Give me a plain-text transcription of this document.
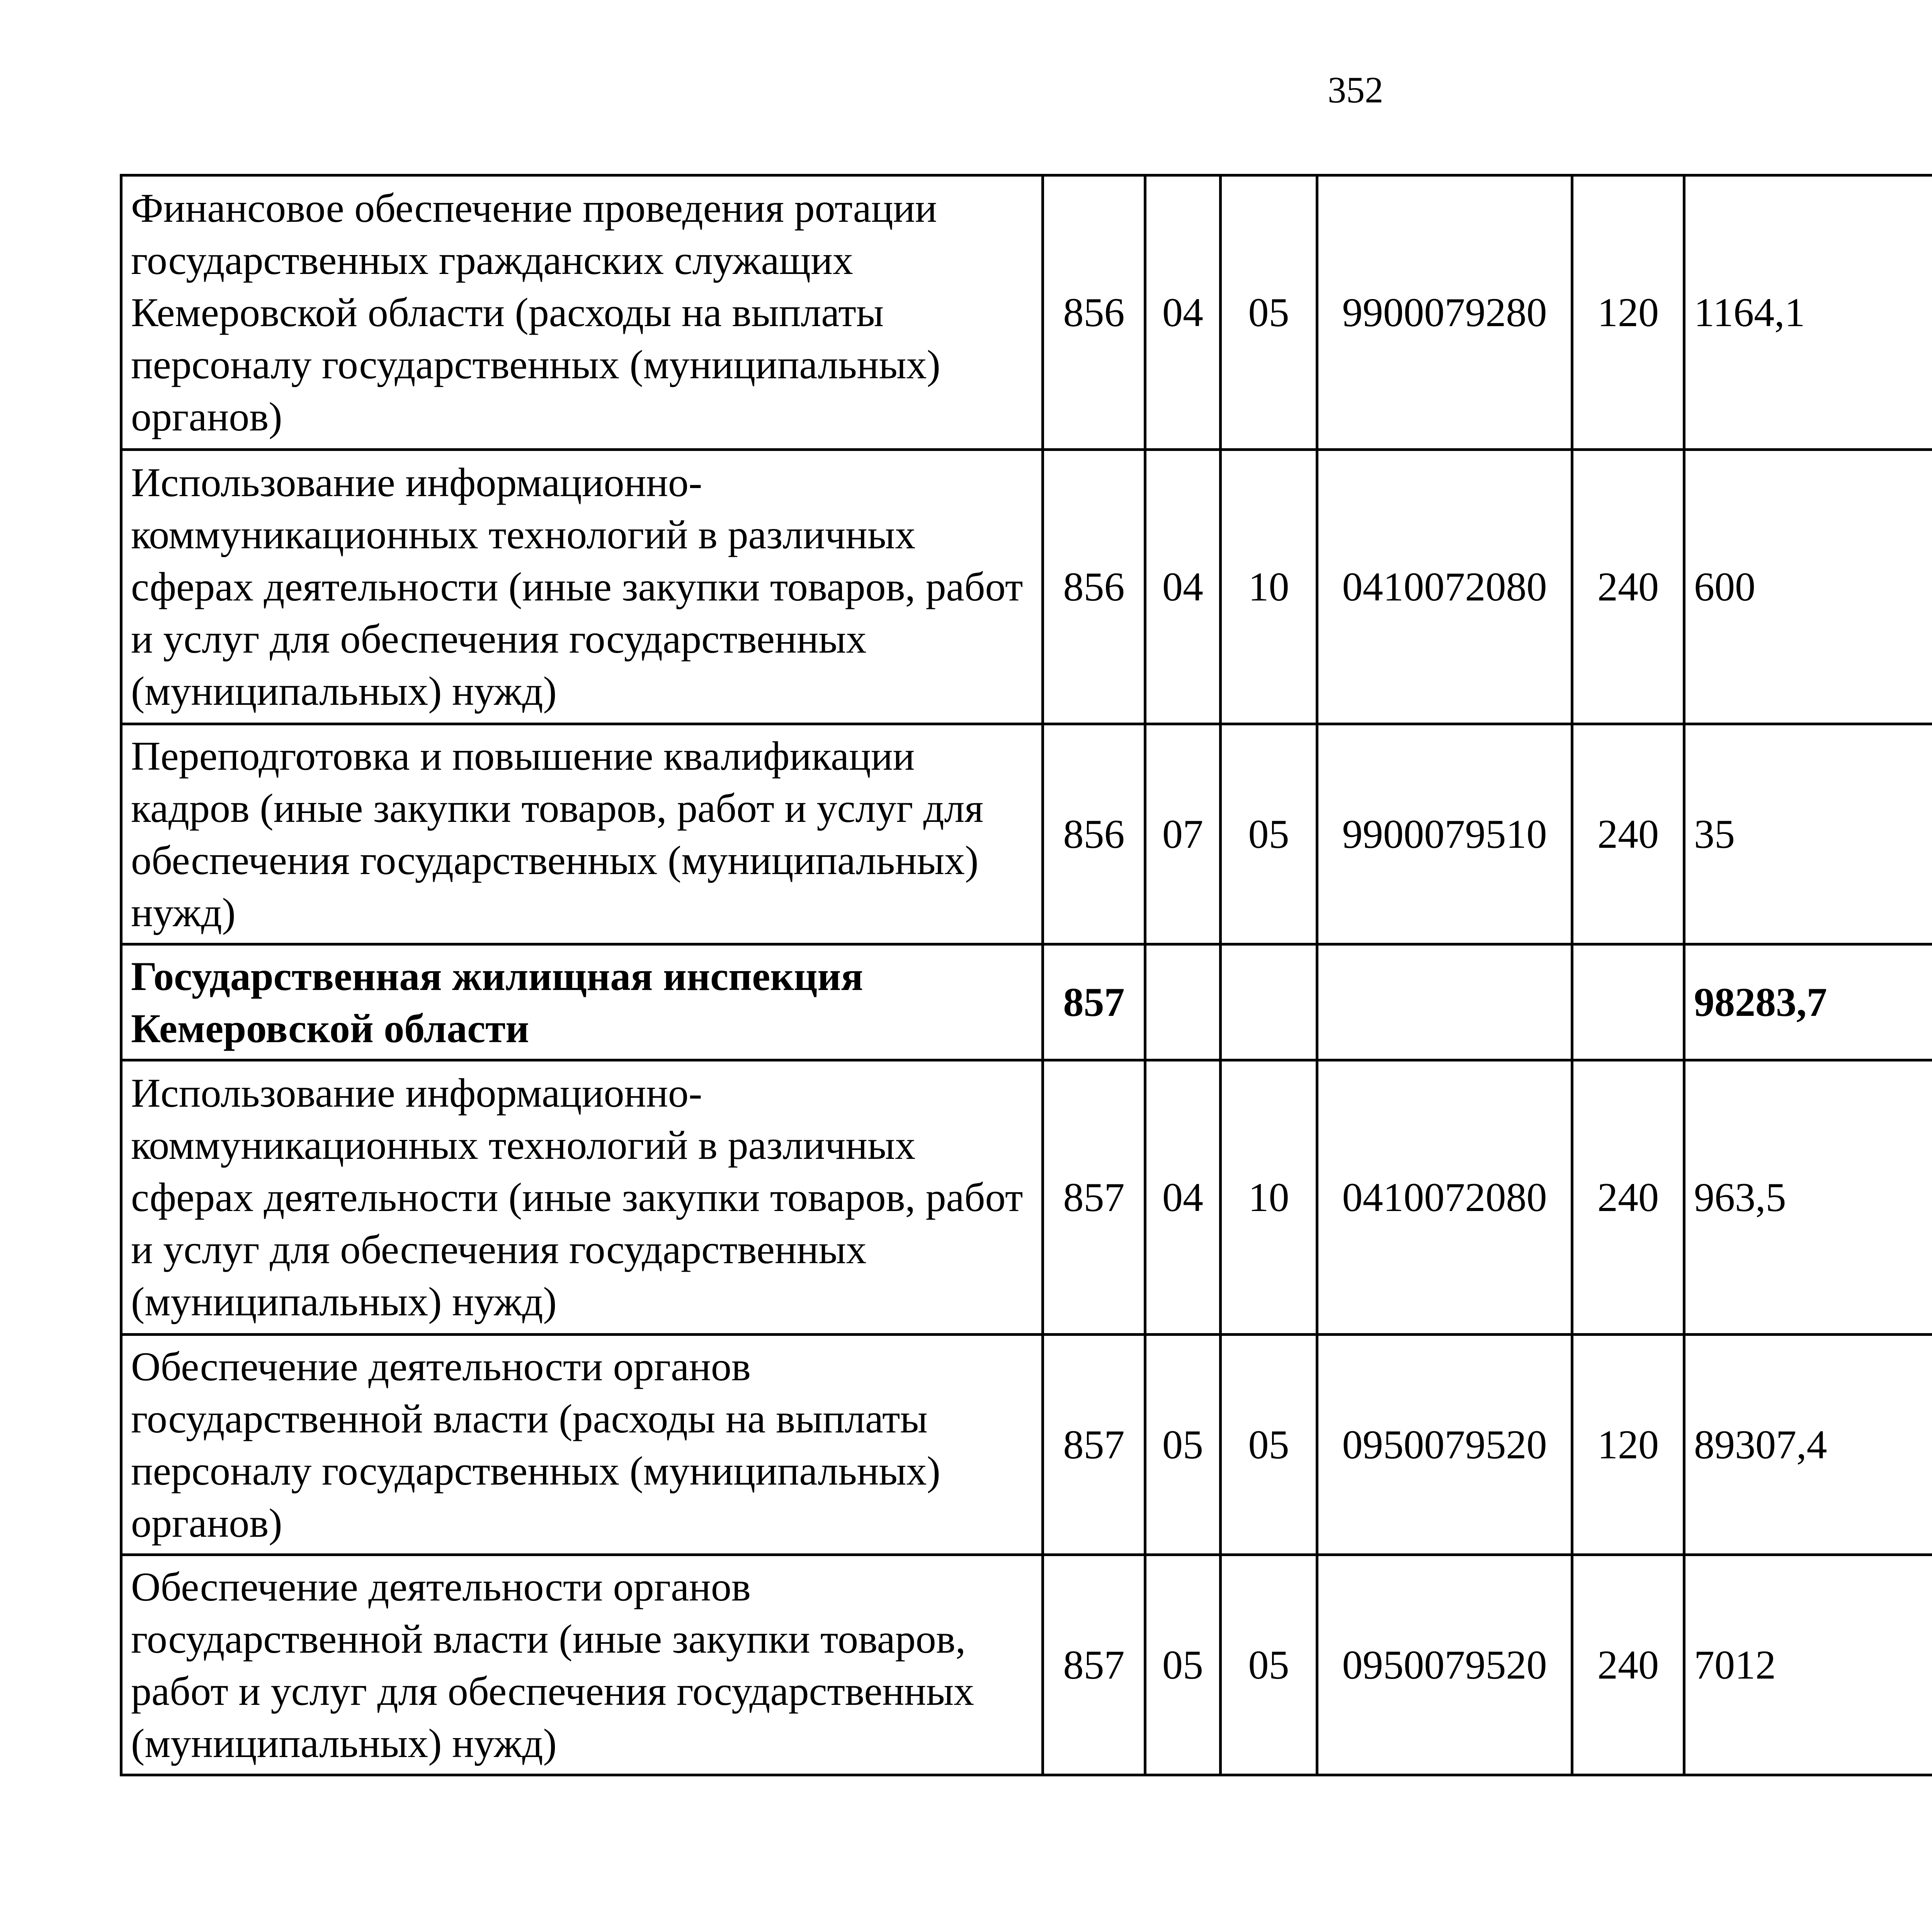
352
Финансовое обеспечение проведения ротации государственных гражданских служащих Кемеровской области (расходы на выплаты персоналу государственных (муниципальных) органов)	856	04	05	9900079280	120	1164,1		
Использование информационно-коммуникационных технологий в различных сферах деятельности (иные закупки товаров, работ и услуг для обеспечения государственных (муниципальных) нужд)	856	04	10	0410072080	240	600		
Переподготовка и повышение квалификации кадров (иные закупки товаров, работ и услуг для обеспечения государственных (муниципальных) нужд)	856	07	05	9900079510	240	35		
Государственная жилищная инспекция Кемеровской области	857					98283,7		
Использование информационно-коммуникационных технологий в различных сферах деятельности (иные закупки товаров, работ и услуг для обеспечения государственных (муниципальных) нужд)	857	04	10	0410072080	240	963,5		
Обеспечение деятельности органов государственной власти (расходы на выплаты персоналу государственных (муниципальных) органов)	857	05	05	0950079520	120	89307,4		
Обеспечение деятельности органов государственной власти (иные закупки товаров, работ и услуг для обеспечения государственных (муниципальных) нужд)	857	05	05	0950079520	240	7012		
